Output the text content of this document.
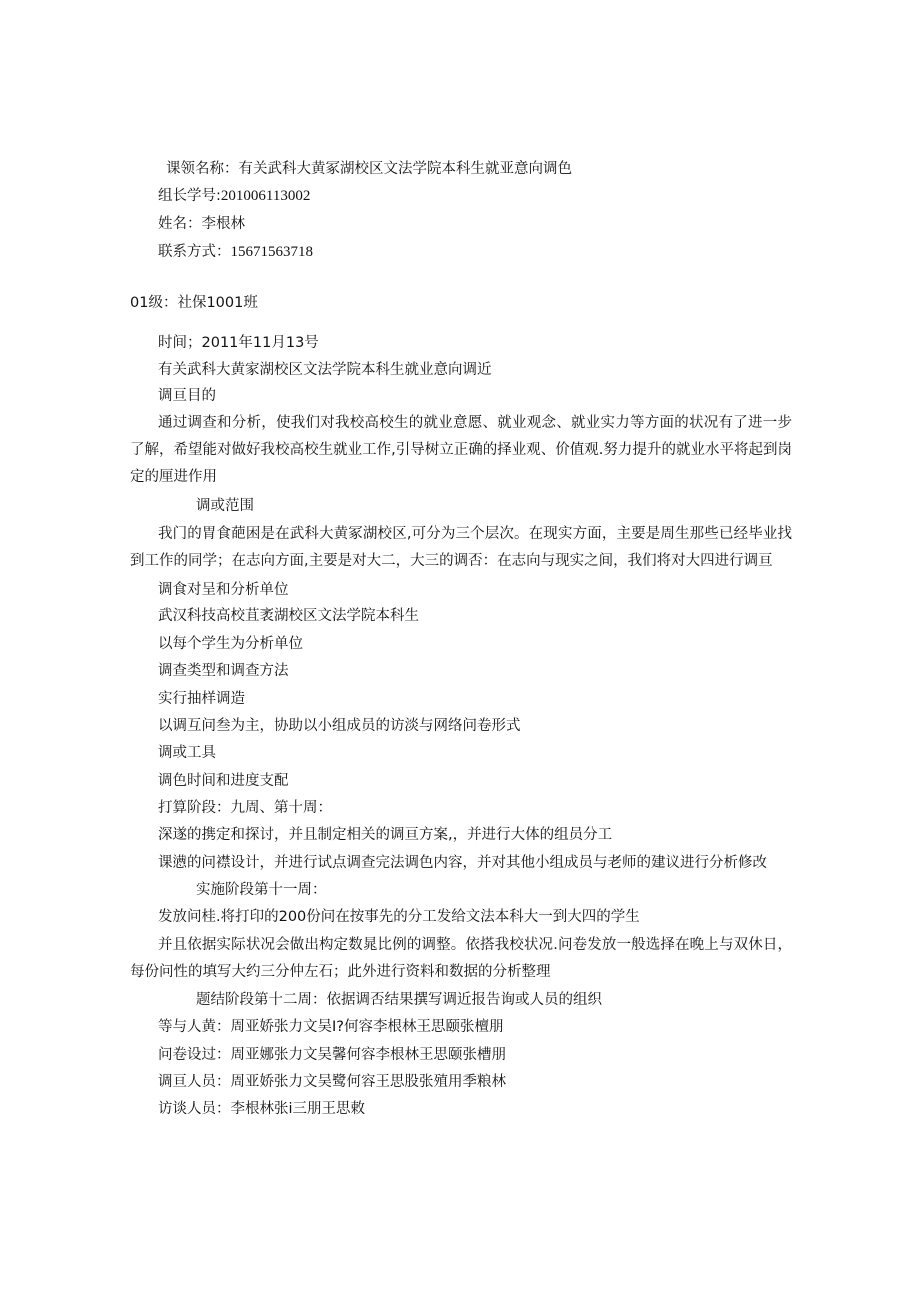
课领名称：有关武科大黄冢湖校区文法学院本科生就亚意向调色
组长学号:201006113002
姓名：李根林
联系方式：15671563718
01级：社保1001班
时间；2011年11月13号
有关武科大黄家湖校区文法学院本科生就业意向调近
调亘目的
通过调查和分析，使我们对我校高校生的就业意愿、就业观念、就业实力等方面的状况有了进一步了解，希望能对做好我校高校生就业工作,引导树立正确的择业观、价值观.努力提升的就业水平将起到岗定的厘进作用
调或范围
我门的胃食葩困是在武科大黄冢湖校区,可分为三个层次。在现实方面，主要是周生那些已经毕业找到工作的同学；在志向方面,主要是对大二，大三的调否：在志向与现实之间，我们将对大四进行调亘
调食对呈和分析单位
武汉科技高校苴袤湖校区文法学院本科生
以每个学生为分析单位
调查类型和调查方法
实行抽样调造
以调互问叁为主，协助以小组成员的访淡与网络问卷形式
调或工具
调色时间和进度支配
打算阶段：九周、第十周：
深遂的携定和探讨，并且制定相关的调亘方案,，并进行大体的组员分工
课懑的问襟设计，并进行试点调查完法调色内容，并对其他小组成员与老师的建议进行分析修改
实施阶段第十一周：
发放问桂.将打印的200份问在按事先的分工发给文法本科大一到大四的学生
并且依据实际状况会做出构定数晁比例的调整。依搭我校状况.问卷发放一般选择在晚上与双休日，每份问性的填写大约三分仲左石；此外进行资料和数据的分析整理
题结阶段第十二周：依据调否结果撰写调近报告询或人员的组织
等与人黄：周亚娇张力文吴I?何容李根林王思颐张檀朋
问卷设过：周亚娜张力文吴馨何容李根林王思颐张槽朋
调亘人员：周亚娇张力文吴鹭何容王思股张殖用季粮林
访谈人员：李根林张i三朋王思敕
